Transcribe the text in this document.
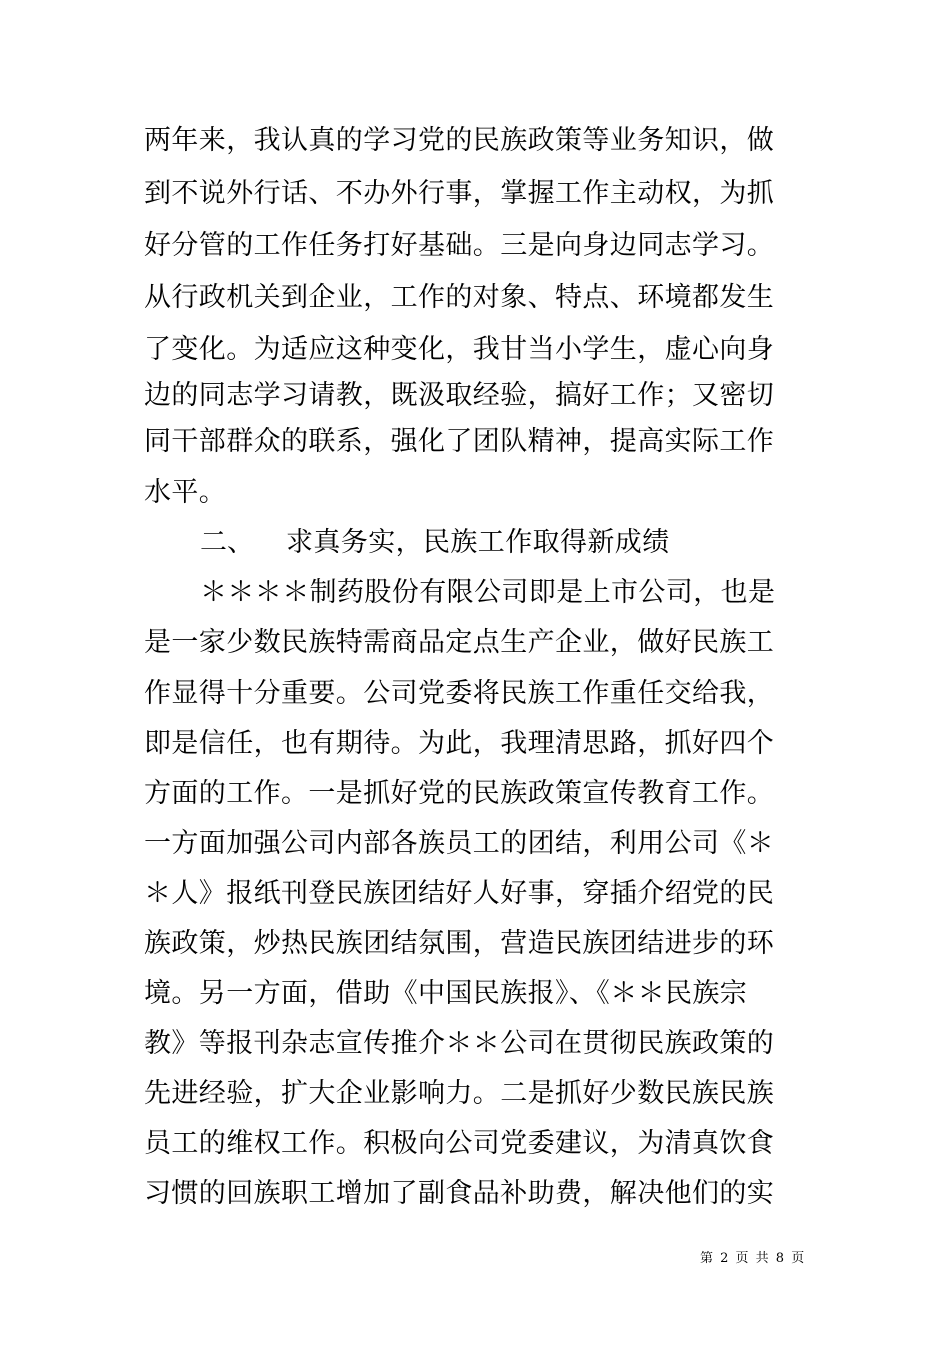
两年来，我认真的学习党的民族政策等业务知识，做
到不说外行话、不办外行事，掌握工作主动权，为抓
好分管的工作任务打好基础。三是向身边同志学习。
从行政机关到企业，工作的对象、特点、环境都发生
了变化。为适应这种变化，我甘当小学生，虚心向身
边的同志学习请教，既汲取经验，搞好工作；又密切
同干部群众的联系，强化了团队精神，提高实际工作
水平。
二、 求真务实，民族工作取得新成绩
＊＊＊＊制药股份有限公司即是上市公司，也是
是一家少数民族特需商品定点生产企业，做好民族工
作显得十分重要。公司党委将民族工作重任交给我，
即是信任，也有期待。为此，我理清思路，抓好四个
方面的工作。一是抓好党的民族政策宣传教育工作。
一方面加强公司内部各族员工的团结，利用公司《＊
＊人》报纸刊登民族团结好人好事，穿插介绍党的民
族政策，炒热民族团结氛围，营造民族团结进步的环
境。另一方面，借助《中国民族报》、《＊＊民族宗
教》等报刊杂志宣传推介＊＊公司在贯彻民族政策的
先进经验，扩大企业影响力。二是抓好少数民族民族
员工的维权工作。积极向公司党委建议，为清真饮食
习惯的回族职工增加了副食品补助费，解决他们的实
第 2 页 共 8 页
